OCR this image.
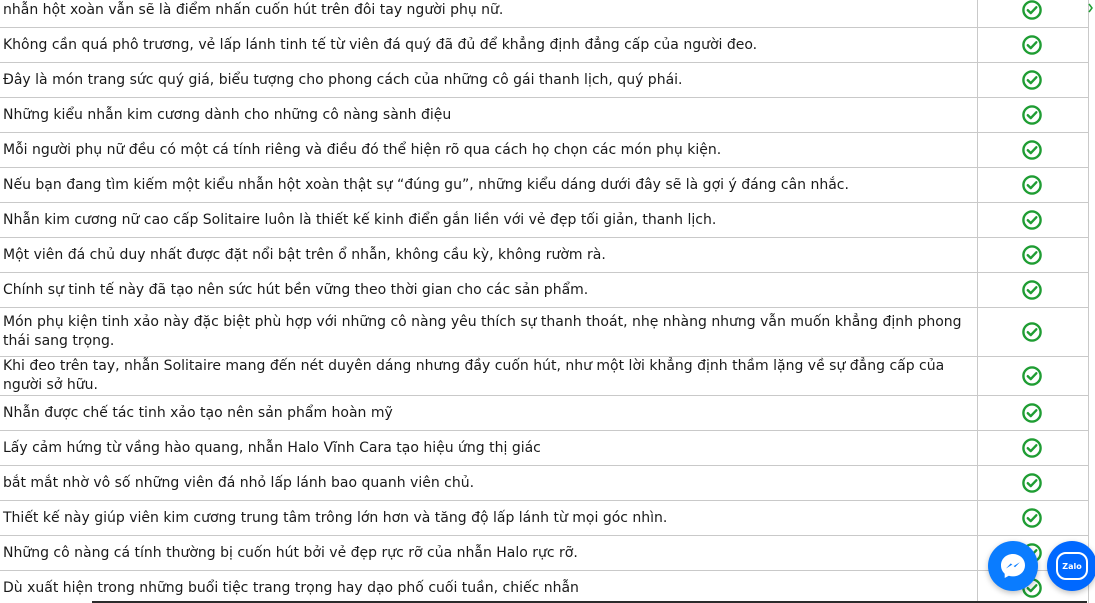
nhẫn hột xoàn vẫn sẽ là điểm nhấn cuốn hút trên đôi tay người phụ nữ.	

Không cần quá phô trương, vẻ lấp lánh tinh tế từ viên đá quý đã đủ để khẳng định đẳng cấp của người đeo.	

Đây là món trang sức quý giá, biểu tượng cho phong cách của những cô gái thanh lịch, quý phái.	

Những kiểu nhẫn kim cương dành cho những cô nàng sành điệu	

Mỗi người phụ nữ đều có một cá tính riêng và điều đó thể hiện rõ qua cách họ chọn các món phụ kiện.	

Nếu bạn đang tìm kiếm một kiểu nhẫn hột xoàn thật sự “đúng gu”, những kiểu dáng dưới đây sẽ là gợi ý đáng cân nhắc.	

Nhẫn kim cương nữ cao cấp Solitaire luôn là thiết kế kinh điển gắn liền với vẻ đẹp tối giản, thanh lịch.	

Một viên đá chủ duy nhất được đặt nổi bật trên ổ nhẫn, không cầu kỳ, không rườm rà.	

Chính sự tinh tế này đã tạo nên sức hút bền vững theo thời gian cho các sản phẩm.	

Món phụ kiện tinh xảo này đặc biệt phù hợp với những cô nàng yêu thích sự thanh thoát, nhẹ nhàng nhưng vẫn muốn khẳng định phong thái sang trọng.	

Khi đeo trên tay, nhẫn Solitaire mang đến nét duyên dáng nhưng đầy cuốn hút, như một lời khẳng định thầm lặng về sự đẳng cấp của người sở hữu.	

Nhẫn được chế tác tinh xảo tạo nên sản phẩm hoàn mỹ	

Lấy cảm hứng từ vầng hào quang, nhẫn Halo Vĩnh Cara tạo hiệu ứng thị giác	

bắt mắt nhờ vô số những viên đá nhỏ lấp lánh bao quanh viên chủ.	

Thiết kế này giúp viên kim cương trung tâm trông lớn hơn và tăng độ lấp lánh từ mọi góc nhìn.	

Những cô nàng cá tính thường bị cuốn hút bởi vẻ đẹp rực rỡ của nhẫn Halo rực rỡ.	

Dù xuất hiện trong những buổi tiệc trang trọng hay dạo phố cuối tuần, chiếc nhẫn	
Zalo
